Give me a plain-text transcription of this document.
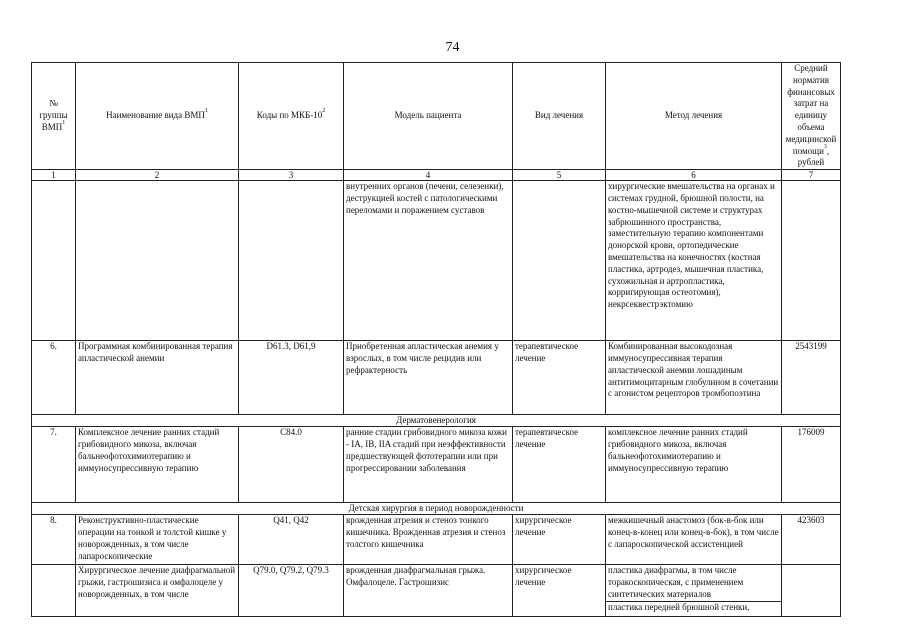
74
№ группы ВМП$^1$	Наименование вида ВМП$^1$	Коды по МКБ-$10^2$	Модель пациента	Вид лечения	Метод лечения	Средний норматив финансовых затрат на единицу объема медицинской помощи$^3$, рублей
1	2	3	4	5	6	7
			внутренних органов (печени, селезенки), деструкцией костей с патологическими переломами и поражением суставов		хирургические вмешательства на органах и системах грудной, брюшной полости, на костно-мышечной системе и структурах забрюшинного пространства, заместительную терапию компонентами донорской крови, ортопедические вмешательства на конечностях (костная пластика, артродез, мышечная пластика, сухожильная и артропластика, корригирующая остеотомия), некрсеквестрэктомию	
6.	Программная комбинированная терапия апластической анемии	D61.3, D61,9	Приобретенная апластическая анемия у взрослых, в том числе рецидив или рефрактерность	терапевтическое лечение	Комбинированная высокодозная иммуносупрессивная терапия апластической анемии лошадиным антитимоцитарным глобулином в сочетании с агонистом рецепторов тромбопоэтина	2543199
Дерматовенерология						
7.	Комплексное лечение ранних стадий грибовидного микоза, включая бальнеофотохимиотерапию и иммуносупрессивную терапию	C84.0	ранние стадии грибовидного микоза кожи - IA, IB, IIA стадий при неэффективности предшествующей фототерапии или при прогрессировании заболевания	терапевтическое лечение	комплексное лечение ранних стадий грибовидного микоза, включая бальнеофотохимиотерапию и иммуносупрессивную терапию	176009
Детская хирургия в период новорожденности						
8.	Реконструктивно-пластические операции на тонкой и толстой кишке у новорожденных, в том числе лапароскопические	Q41, Q42	врожденная атрезия и стеноз тонкого кишечника. Врожденная атрезия и стеноз толстого кишечника	хирургическое лечение	межкишечный анастомоз (бок-в-бок или конец-в-конец или конец-в-бок), в том числе с лапароскопической ассистенцией	423603
	Хирургическое лечение диафрагмальной грыжи, гастрошизиса и омфалоцеле у новорожденных, в том числе	Q79.0, Q79.2, Q79.3	врожденная диафрагмальная грыжа. Омфалоцеле. Гастрошизис	хирургическое лечение	пластика диафрагмы, в том числе торакоскопическая, с применением синтетических материалов
пластика передней брюшной стенки,	
